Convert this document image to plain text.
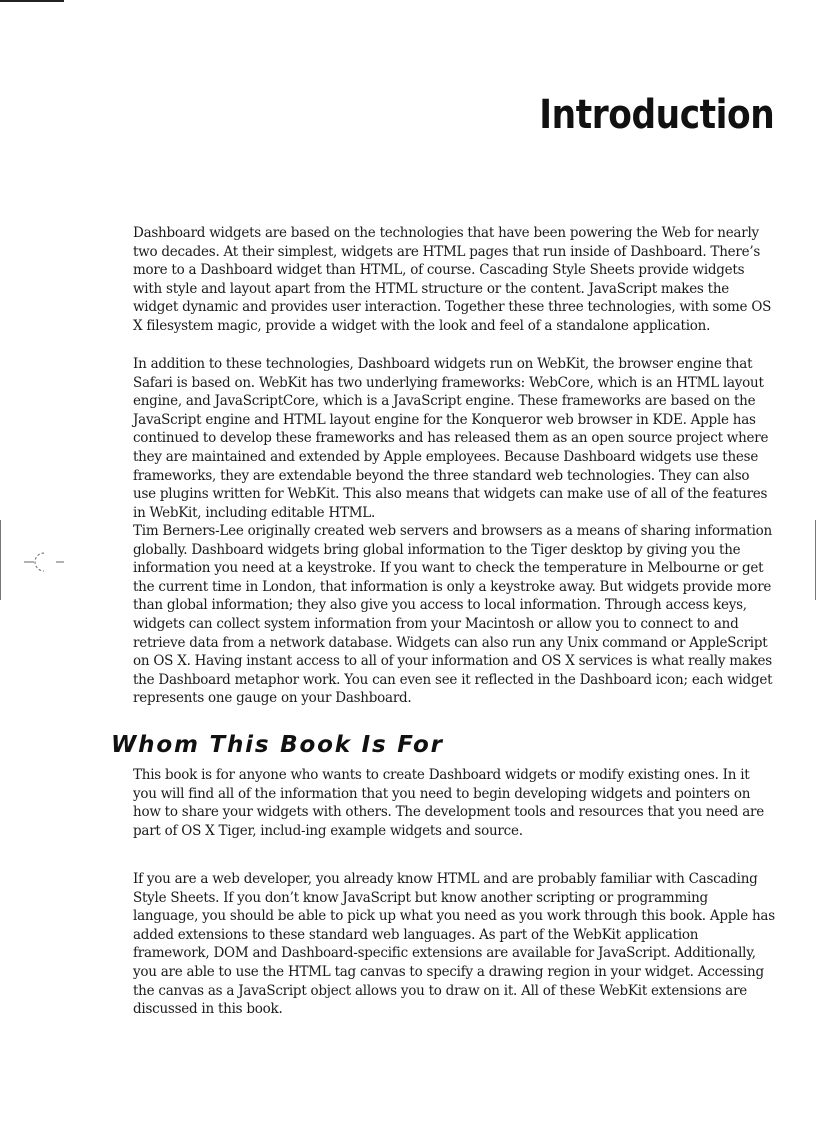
Introduction

Dashboard widgets are based on the technologies that have been powering the Web for nearly two decades. At their simplest, widgets are HTML pages that run inside of Dashboard. There’s more to a Dashboard widget than HTML, of course. Cascading Style Sheets provide widgets with style and layout apart from the HTML structure or the content. JavaScript makes the widget dynamic and provides user interaction. Together these three technologies, with some OS X filesystem magic, provide a widget with the look and feel of a standalone application.

In addition to these technologies, Dashboard widgets run on WebKit, the browser engine that Safari is based on. WebKit has two underlying frameworks: WebCore, which is an HTML layout engine, and JavaScriptCore, which is a JavaScript engine. These frameworks are based on the JavaScript engine and HTML layout engine for the Konqueror web browser in KDE. Apple has continued to develop these frameworks and has released them as an open source project where they are maintained and extended by Apple employees. Because Dashboard widgets use these frameworks, they are extendable beyond the three standard web technologies. They can also use plugins written for WebKit. This also means that widgets can make use of all of the features in WebKit, including editable HTML.

Tim Berners-Lee originally created web servers and browsers as a means of sharing information globally. Dashboard widgets bring global information to the Tiger desktop by giving you the information you need at a keystroke. If you want to check the temperature in Melbourne or get the current time in London, that information is only a keystroke away. But widgets provide more than global information; they also give you access to local information. Through access keys, widgets can collect system information from your Macintosh or allow you to connect to and retrieve data from a network database. Widgets can also run any Unix command or AppleScript on OS X. Having instant access to all of your information and OS X services is what really makes the Dashboard metaphor work. You can even see it reflected in the Dashboard icon; each widget represents one gauge on your Dashboard.

Whom This Book Is For

This book is for anyone who wants to create Dashboard widgets or modify existing ones. In it you will find all of the information that you need to begin developing widgets and pointers on how to share your widgets with others. The development tools and resources that you need are part of OS X Tiger, includ-ing example widgets and source.

If you are a web developer, you already know HTML and are probably familiar with Cascading Style Sheets. If you don’t know JavaScript but know another scripting or programming language, you should be able to pick up what you need as you work through this book. Apple has added extensions to these standard web languages. As part of the WebKit application framework, DOM and Dashboard-specific extensions are available for JavaScript. Additionally, you are able to use the HTML tag canvas to specify a drawing region in your widget. Accessing the canvas as a JavaScript object allows you to draw on it. All of these WebKit extensions are discussed in this book.
